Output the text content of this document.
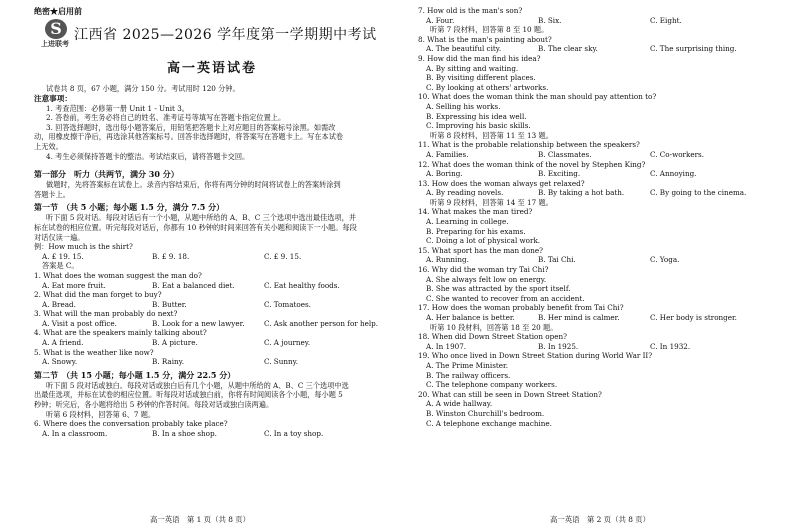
绝密★启用前
S
上进联考
江西省 2025—2026 学年度第一学期期中考试
高一英语试卷
试卷共 8 页，67 小题，满分 150 分。考试用时 120 分钟。
注意事项：
1. 考查范围：必修第一册 Unit 1 - Unit 3。
2. 答卷前，考生务必将自己的姓名、准考证号等填写在答题卡指定位置上。
3. 回答选择题时，选出每小题答案后，用铅笔把答题卡上对应题目的答案标号涂黑。如需改
动，用橡皮擦干净后，再选涂其他答案标号。回答非选择题时，将答案写在答题卡上。写在本试卷
上无效。
4. 考生必须保持答题卡的整洁。考试结束后，请将答题卡交回。
第一部分　听力（共两节，满分 30 分）
做题时，先将答案标在试卷上。录音内容结束后，你将有两分钟的时间将试卷上的答案转涂到
答题卡上。
第一节　（共 5 小题；每小题 1.5 分，满分 7.5 分）
听下面 5 段对话。每段对话后有一个小题，从题中所给的 A、B、C 三个选项中选出最佳选项，并
标在试卷的相应位置。听完每段对话后，你都有 10 秒钟的时间来回答有关小题和阅读下一小题。每段
对话仅读一遍。
例：How much is the shirt?
A. £ 19. 15.	B. £ 9. 18.	C. £ 9. 15.
答案是 C。
1. What does the woman suggest the man do?
A. Eat more fruit.	B. Eat a balanced diet.	C. Eat healthy foods.
2. What did the man forget to buy?
A. Bread.	B. Butter.	C. Tomatoes.
3. What will the man probably do next?
A. Visit a post office.	B. Look for a new lawyer.	C. Ask another person for help.
4. What are the speakers mainly talking about?
A. A friend.	B. A picture.	C. A journey.
5. What is the weather like now?
A. Snowy.	B. Rainy.	C. Sunny.
第二节　（共 15 小题；每小题 1.5 分，满分 22.5 分）
听下面 5 段对话或独白。每段对话或独白后有几个小题，从题中所给的 A、B、C 三个选项中选
出最佳选项，并标在试卷的相应位置。听每段对话或独白前，你将有时间阅读各个小题，每小题 5
秒钟；听完后，各小题将给出 5 秒钟的作答时间。每段对话或独白读两遍。
听第 6 段材料，回答第 6、7 题。
6. Where does the conversation probably take place?
A. In a classroom.	B. In a shoe shop.	C. In a toy shop.
高一英语　第 1 页（共 8 页）
7. How old is the man's son?
A. Four.	B. Six.	C. Eight.
听第 7 段材料，回答第 8 至 10 题。
8. What is the man's painting about?
A. The beautiful city.	B. The clear sky.	C. The surprising thing.
9. How did the man find his idea?
A. By sitting and waiting.
B. By visiting different places.
C. By looking at others' artworks.
10. What does the woman think the man should pay attention to?
A. Selling his works.
B. Expressing his idea well.
C. Improving his basic skills.
听第 8 段材料，回答第 11 至 13 题。
11. What is the probable relationship between the speakers?
A. Families.	B. Classmates.	C. Co-workers.
12. What does the woman think of the novel by Stephen King?
A. Boring.	B. Exciting.	C. Annoying.
13. How does the woman always get relaxed?
A. By reading novels.	B. By taking a hot bath.	C. By going to the cinema.
听第 9 段材料，回答第 14 至 17 题。
14. What makes the man tired?
A. Learning in college.
B. Preparing for his exams.
C. Doing a lot of physical work.
15. What sport has the man done?
A. Running.	B. Tai Chi.	C. Yoga.
16. Why did the woman try Tai Chi?
A. She always felt low on energy.
B. She was attracted by the sport itself.
C. She wanted to recover from an accident.
17. How does the woman probably benefit from Tai Chi?
A. Her balance is better.	B. Her mind is calmer.	C. Her body is stronger.
听第 10 段材料，回答第 18 至 20 题。
18. When did Down Street Station open?
A. In 1907.	B. In 1925.	C. In 1932.
19. Who once lived in Down Street Station during World War II?
A. The Prime Minister.
B. The railway officers.
C. The telephone company workers.
20. What can still be seen in Down Street Station?
A. A wide hallway.
B. Winston Churchill's bedroom.
C. A telephone exchange machine.
高一英语　第 2 页（共 8 页）
